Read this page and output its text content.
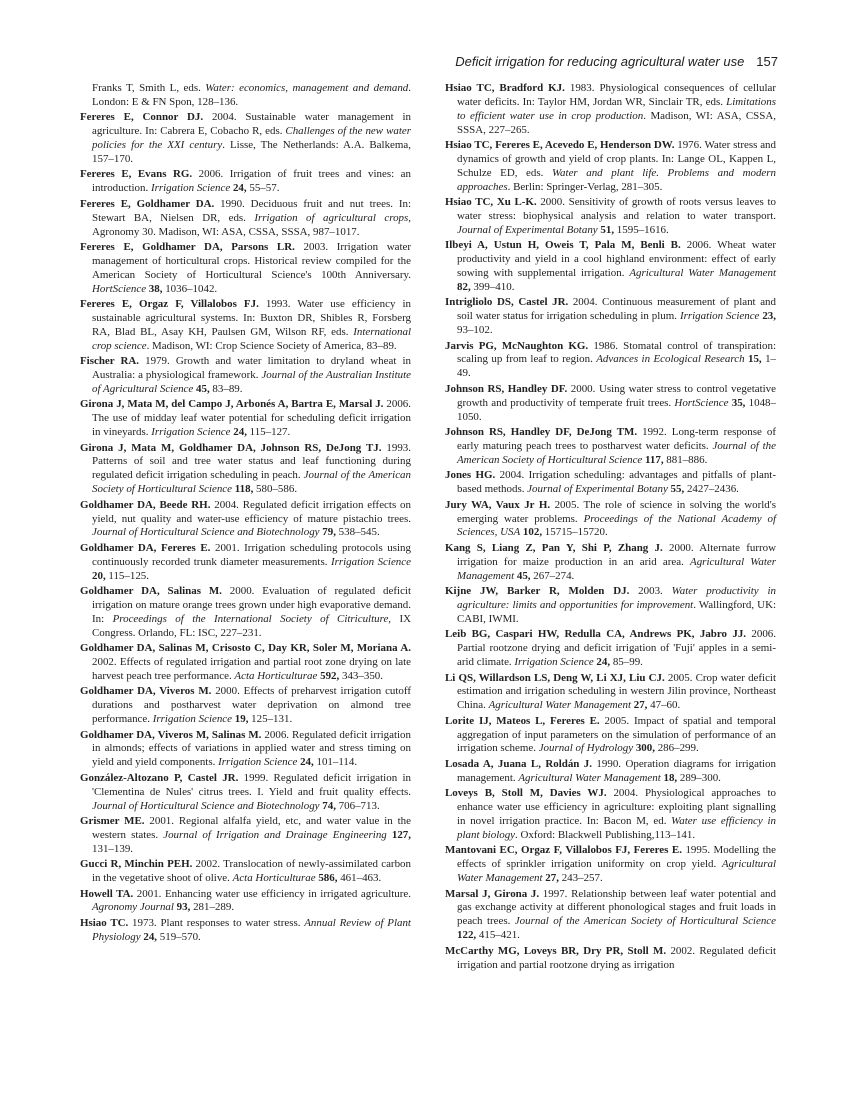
Deficit irrigation for reducing agricultural water use 157

Franks T, Smith L, eds. Water: economics, management and demand. London: E & FN Spon, 128–136.

Fereres E, Connor DJ. 2004. Sustainable water management in agriculture. In: Cabrera E, Cobacho R, eds. Challenges of the new water policies for the XXI century. Lisse, The Netherlands: A.A. Balkema, 157–170.

Fereres E, Evans RG. 2006. Irrigation of fruit trees and vines: an introduction. Irrigation Science 24, 55–57.

Fereres E, Goldhamer DA. 1990. Deciduous fruit and nut trees. In: Stewart BA, Nielsen DR, eds. Irrigation of agricultural crops, Agronomy 30. Madison, WI: ASA, CSSA, SSSA, 987–1017.

Fereres E, Goldhamer DA, Parsons LR. 2003. Irrigation water management of horticultural crops. Historical review compiled for the American Society of Horticultural Science's 100th Anniversary. HortScience 38, 1036–1042.

Fereres E, Orgaz F, Villalobos FJ. 1993. Water use efficiency in sustainable agricultural systems. In: Buxton DR, Shibles R, Forsberg RA, Blad BL, Asay KH, Paulsen GM, Wilson RF, eds. International crop science. Madison, WI: Crop Science Society of America, 83–89.

Fischer RA. 1979. Growth and water limitation to dryland wheat in Australia: a physiological framework. Journal of the Australian Institute of Agricultural Science 45, 83–89.

Girona J, Mata M, del Campo J, Arbonés A, Bartra E, Marsal J. 2006. The use of midday leaf water potential for scheduling deficit irrigation in vineyards. Irrigation Science 24, 115–127.

Girona J, Mata M, Goldhamer DA, Johnson RS, DeJong TJ. 1993. Patterns of soil and tree water status and leaf functioning during regulated deficit irrigation scheduling in peach. Journal of the American Society of Horticultural Science 118, 580–586.

Goldhamer DA, Beede RH. 2004. Regulated deficit irrigation effects on yield, nut quality and water-use efficiency of mature pistachio trees. Journal of Horticultural Science and Biotechnology 79, 538–545.

Goldhamer DA, Fereres E. 2001. Irrigation scheduling protocols using continuously recorded trunk diameter measurements. Irrigation Science 20, 115–125.

Goldhamer DA, Salinas M. 2000. Evaluation of regulated deficit irrigation on mature orange trees grown under high evaporative demand. In: Proceedings of the International Society of Citriculture, IX Congress. Orlando, FL: ISC, 227–231.

Goldhamer DA, Salinas M, Crisosto C, Day KR, Soler M, Moriana A. 2002. Effects of regulated irrigation and partial root zone drying on late harvest peach tree performance. Acta Horticulturae 592, 343–350.

Goldhamer DA, Viveros M. 2000. Effects of preharvest irrigation cutoff durations and postharvest water deprivation on almond tree performance. Irrigation Science 19, 125–131.

Goldhamer DA, Viveros M, Salinas M. 2006. Regulated deficit irrigation in almonds; effects of variations in applied water and stress timing on yield and yield components. Irrigation Science 24, 101–114.

González-Altozano P, Castel JR. 1999. Regulated deficit irrigation in 'Clementina de Nules' citrus trees. I. Yield and fruit quality effects. Journal of Horticultural Science and Biotechnology 74, 706–713.

Grismer ME. 2001. Regional alfalfa yield, etc, and water value in the western states. Journal of Irrigation and Drainage Engineering 127, 131–139.

Gucci R, Minchin PEH. 2002. Translocation of newly-assimilated carbon in the vegetative shoot of olive. Acta Horticulturae 586, 461–463.

Howell TA. 2001. Enhancing water use efficiency in irrigated agriculture. Agronomy Journal 93, 281–289.

Hsiao TC. 1973. Plant responses to water stress. Annual Review of Plant Physiology 24, 519–570.

Hsiao TC, Bradford KJ. 1983. Physiological consequences of cellular water deficits. In: Taylor HM, Jordan WR, Sinclair TR, eds. Limitations to efficient water use in crop production. Madison, WI: ASA, CSSA, SSSA, 227–265.

Hsiao TC, Fereres E, Acevedo E, Henderson DW. 1976. Water stress and dynamics of growth and yield of crop plants. In: Lange OL, Kappen L, Schulze ED, eds. Water and plant life. Problems and modern approaches. Berlin: Springer-Verlag, 281–305.

Hsiao TC, Xu L-K. 2000. Sensitivity of growth of roots versus leaves to water stress: biophysical analysis and relation to water transport. Journal of Experimental Botany 51, 1595–1616.

Ilbeyi A, Ustun H, Oweis T, Pala M, Benli B. 2006. Wheat water productivity and yield in a cool highland environment: effect of early sowing with supplemental irrigation. Agricultural Water Management 82, 399–410.

Intrigliolo DS, Castel JR. 2004. Continuous measurement of plant and soil water status for irrigation scheduling in plum. Irrigation Science 23, 93–102.

Jarvis PG, McNaughton KG. 1986. Stomatal control of transpiration: scaling up from leaf to region. Advances in Ecological Research 15, 1–49.

Johnson RS, Handley DF. 2000. Using water stress to control vegetative growth and productivity of temperate fruit trees. HortScience 35, 1048–1050.

Johnson RS, Handley DF, DeJong TM. 1992. Long-term response of early maturing peach trees to postharvest water deficits. Journal of the American Society of Horticultural Science 117, 881–886.

Jones HG. 2004. Irrigation scheduling: advantages and pitfalls of plant-based methods. Journal of Experimental Botany 55, 2427–2436.

Jury WA, Vaux Jr H. 2005. The role of science in solving the world's emerging water problems. Proceedings of the National Academy of Sciences, USA 102, 15715–15720.

Kang S, Liang Z, Pan Y, Shi P, Zhang J. 2000. Alternate furrow irrigation for maize production in an arid area. Agricultural Water Management 45, 267–274.

Kijne JW, Barker R, Molden DJ. 2003. Water productivity in agriculture: limits and opportunities for improvement. Wallingford, UK: CABI, IWMI.

Leib BG, Caspari HW, Redulla CA, Andrews PK, Jabro JJ. 2006. Partial rootzone drying and deficit irrigation of 'Fuji' apples in a semi-arid climate. Irrigation Science 24, 85–99.

Li QS, Willardson LS, Deng W, Li XJ, Liu CJ. 2005. Crop water deficit estimation and irrigation scheduling in western Jilin province, Northeast China. Agricultural Water Management 27, 47–60.

Lorite IJ, Mateos L, Fereres E. 2005. Impact of spatial and temporal aggregation of input parameters on the simulation of performance of an irrigation scheme. Journal of Hydrology 300, 286–299.

Losada A, Juana L, Roldán J. 1990. Operation diagrams for irrigation management. Agricultural Water Management 18, 289–300.

Loveys B, Stoll M, Davies WJ. 2004. Physiological approaches to enhance water use efficiency in agriculture: exploiting plant signalling in novel irrigation practice. In: Bacon M, ed. Water use efficiency in plant biology. Oxford: Blackwell Publishing,113–141.

Mantovani EC, Orgaz F, Villalobos FJ, Fereres E. 1995. Modelling the effects of sprinkler irrigation uniformity on crop yield. Agricultural Water Management 27, 243–257.

Marsal J, Girona J. 1997. Relationship between leaf water potential and gas exchange activity at different phonological stages and fruit loads in peach trees. Journal of the American Society of Horticultural Science 122, 415–421.

McCarthy MG, Loveys BR, Dry PR, Stoll M. 2002. Regulated deficit irrigation and partial rootzone drying as irrigation
